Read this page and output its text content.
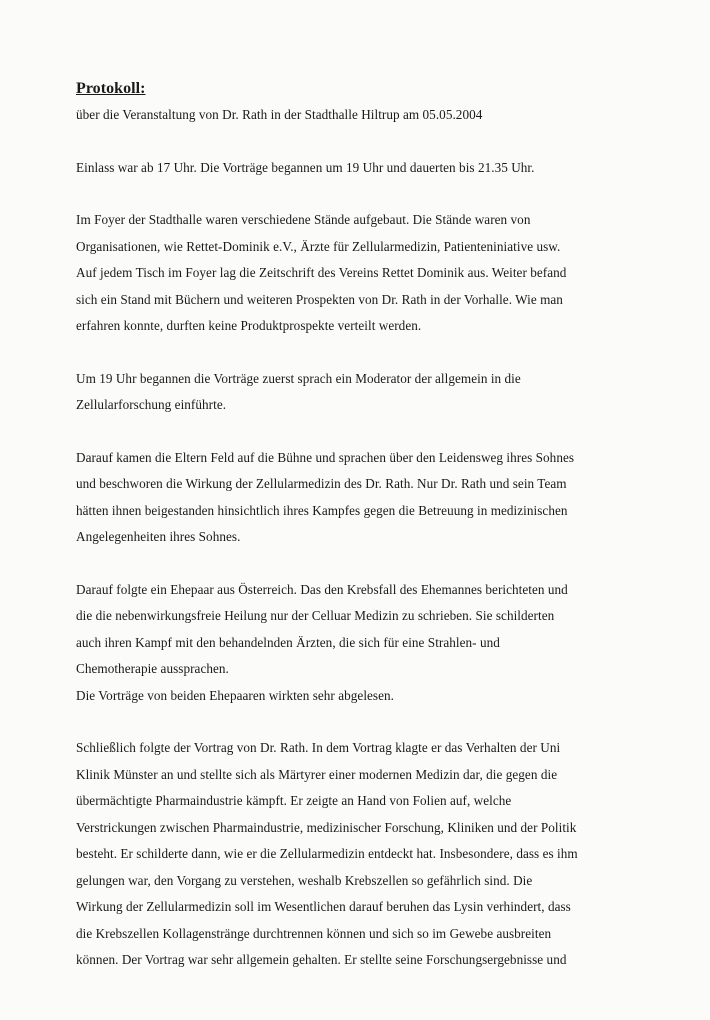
Protokoll:

über die Veranstaltung von Dr. Rath in der Stadthalle Hiltrup am 05.05.2004

Einlass war ab 17 Uhr. Die Vorträge begannen um 19 Uhr und dauerten bis 21.35 Uhr.

Im Foyer der Stadthalle waren verschiedene Stände aufgebaut. Die Stände waren von
Organisationen, wie Rettet-Dominik e.V., Ärzte für Zellularmedizin, Patienteniniative usw.
Auf jedem Tisch im Foyer lag die Zeitschrift des Vereins Rettet Dominik aus. Weiter befand
sich ein Stand mit Büchern und weiteren Prospekten von Dr. Rath in der Vorhalle. Wie man
erfahren konnte, durften keine Produktprospekte verteilt werden.

Um 19 Uhr begannen die Vorträge zuerst sprach ein Moderator der allgemein in die
Zellularforschung einführte.

Darauf kamen die Eltern Feld auf die Bühne und sprachen über den Leidensweg ihres Sohnes
und beschworen die Wirkung der Zellularmedizin des Dr. Rath. Nur Dr. Rath und sein Team
hätten ihnen beigestanden hinsichtlich ihres Kampfes gegen die Betreuung in medizinischen
Angelegenheiten ihres Sohnes.

Darauf folgte ein Ehepaar aus Österreich. Das den Krebsfall des Ehemannes berichteten und
die die nebenwirkungsfreie Heilung nur der Celluar Medizin zu schrieben. Sie schilderten
auch ihren Kampf mit den behandelnden Ärzten, die sich für eine Strahlen- und
Chemotherapie aussprachen.
Die Vorträge von beiden Ehepaaren wirkten sehr abgelesen.

Schließlich folgte der Vortrag von Dr. Rath. In dem Vortrag klagte er das Verhalten der Uni
Klinik Münster an und stellte sich als Märtyrer einer modernen Medizin dar, die gegen die
übermächtigte Pharmaindustrie kämpft. Er zeigte an Hand von Folien auf, welche
Verstrickungen zwischen Pharmaindustrie, medizinischer Forschung, Kliniken und der Politik
besteht. Er schilderte dann, wie er die Zellularmedizin entdeckt hat. Insbesondere, dass es ihm
gelungen war, den Vorgang zu verstehen, weshalb Krebszellen so gefährlich sind. Die
Wirkung der Zellularmedizin soll im Wesentlichen darauf beruhen das Lysin verhindert, dass
die Krebszellen Kollagenstränge durchtrennen können und sich so im Gewebe ausbreiten
können. Der Vortrag war sehr allgemein gehalten. Er stellte seine Forschungsergebnisse und
